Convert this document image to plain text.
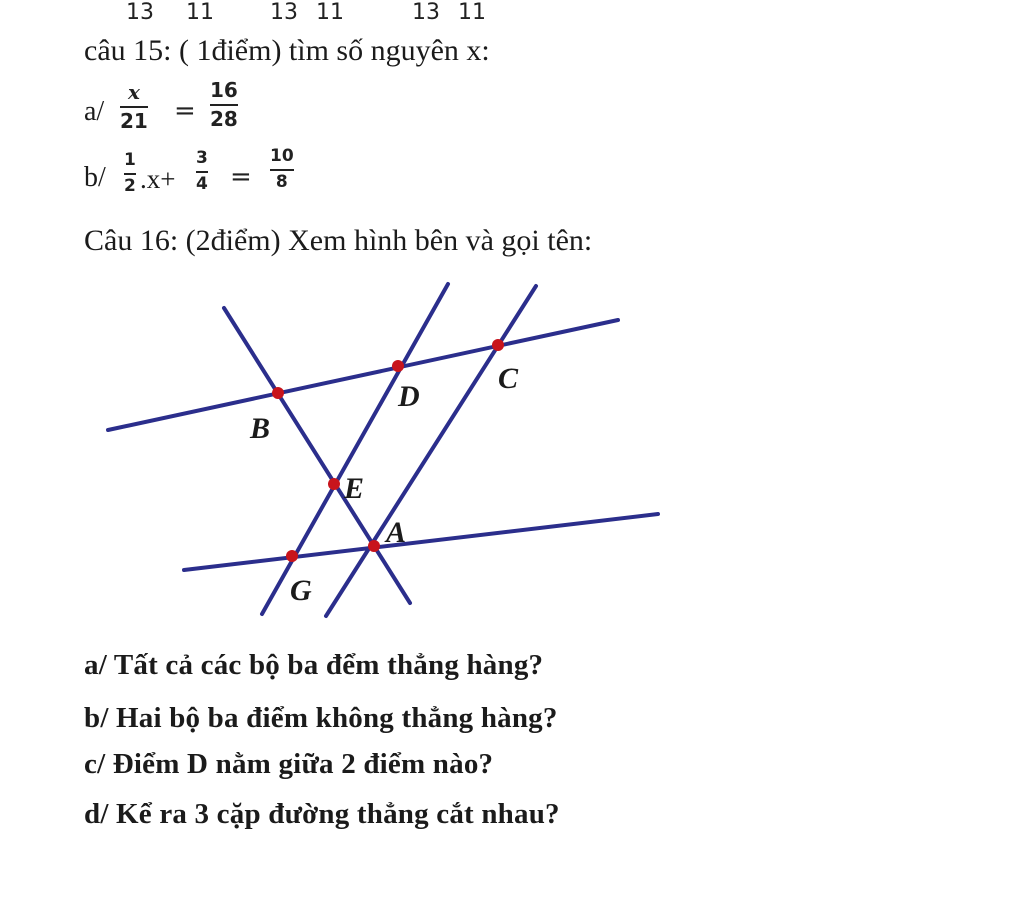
13 11	13 11	13 11
câu 15: ( 1điểm) tìm số nguyên x:
a/
x
21 =
16
28
b/
1
2 .x+
3
4 =
10
8
Câu 16: (2điểm) Xem hình bên và gọi tên:
B
D
C
E
A
G
a/ Tất cả các bộ ba đểm thẳng hàng?
b/ Hai bộ ba điểm không thẳng hàng?
c/ Điểm D nằm giữa 2 điểm nào?
d/ Kể ra 3 cặp đường thẳng cắt nhau?
